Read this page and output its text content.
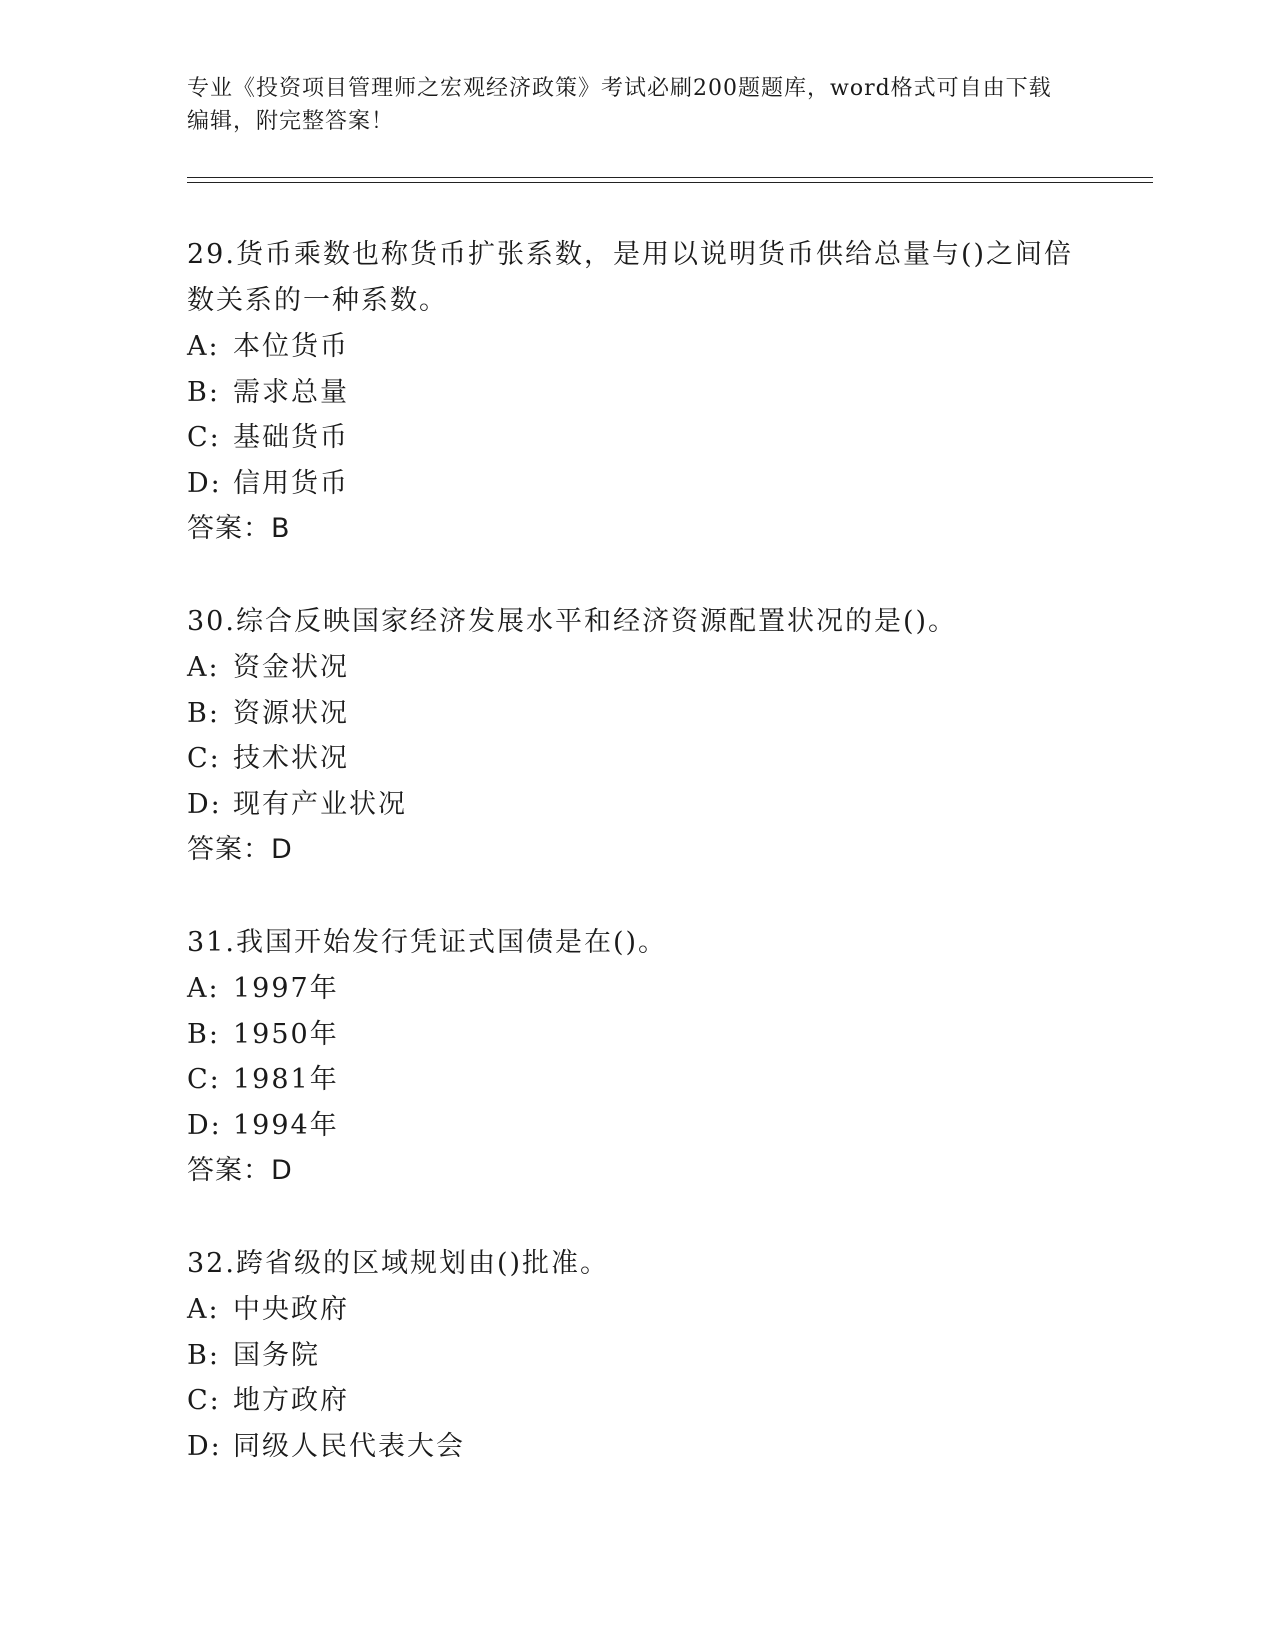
专业《投资项目管理师之宏观经济政策》考试必刷200题题库，word格式可自由下载编辑，附完整答案！
29.货币乘数也称货币扩张系数，是用以说明货币供给总量与()之间倍数关系的一种系数。
A: 本位货币
B: 需求总量
C: 基础货币
D: 信用货币
答案：B
30.综合反映国家经济发展水平和经济资源配置状况的是()。
A: 资金状况
B: 资源状况
C: 技术状况
D: 现有产业状况
答案：D
31.我国开始发行凭证式国债是在()。
A: 1997年
B: 1950年
C: 1981年
D: 1994年
答案：D
32.跨省级的区域规划由()批准。
A: 中央政府
B: 国务院
C: 地方政府
D: 同级人民代表大会
